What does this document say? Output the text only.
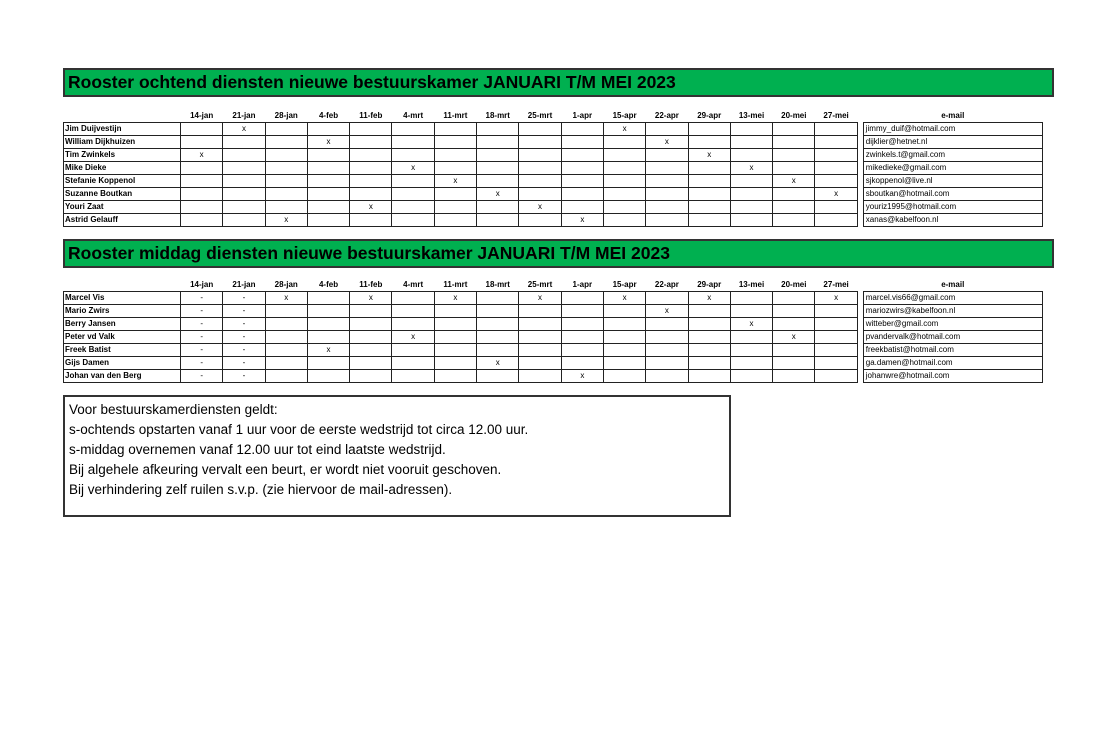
Rooster ochtend diensten nieuwe bestuurskamer JANUARI T/M MEI 2023
	14-jan	21-jan	28-jan	4-feb	11-feb	4-mrt	11-mrt	18-mrt	25-mrt	1-apr	15-apr	22-apr	29-apr	13-mei	20-mei	27-mei		e-mail
Jim Duijvestijn		x									x							jimmy_duif@hotmail.com
William Dijkhuizen				x								x						dijklier@hetnet.nl
Tim Zwinkels	x												x					zwinkels.t@gmail.com
Mike Dieke						x								x				mikedieke@gmail.com
Stefanie Koppenol							x								x			sjkoppenol@live.nl
Suzanne Boutkan								x								x		sboutkan@hotmail.com
Youri Zaat					x				x									youriz1995@hotmail.com
Astrid Gelauff			x							x								xanas@kabelfoon.nl
Rooster middag diensten nieuwe bestuurskamer JANUARI T/M MEI 2023
	14-jan	21-jan	28-jan	4-feb	11-feb	4-mrt	11-mrt	18-mrt	25-mrt	1-apr	15-apr	22-apr	29-apr	13-mei	20-mei	27-mei		e-mail
Marcel Vis	-	-	x		x		x		x		x		x			x		marcel.vis66@gmail.com
Mario Zwirs	-	-										x						mariozwirs@kabelfoon.nl
Berry Jansen	-	-												x				witteber@gmail.com
Peter vd Valk	-	-				x									x			pvandervalk@hotmail.com
Freek Batist	-	-		x														freekbatist@hotmail.com
Gijs Damen	-	-						x										ga.damen@hotmail.com
Johan van den Berg	-	-								x								johanwre@hotmail.com
Voor bestuurskamerdiensten geldt:
s-ochtends opstarten vanaf 1 uur voor de eerste wedstrijd tot circa 12.00 uur.
s-middag overnemen vanaf 12.00 uur tot eind laatste wedstrijd.
Bij algehele afkeuring vervalt een beurt, er wordt niet vooruit geschoven.
Bij verhindering zelf ruilen s.v.p. (zie hiervoor de mail-adressen).
